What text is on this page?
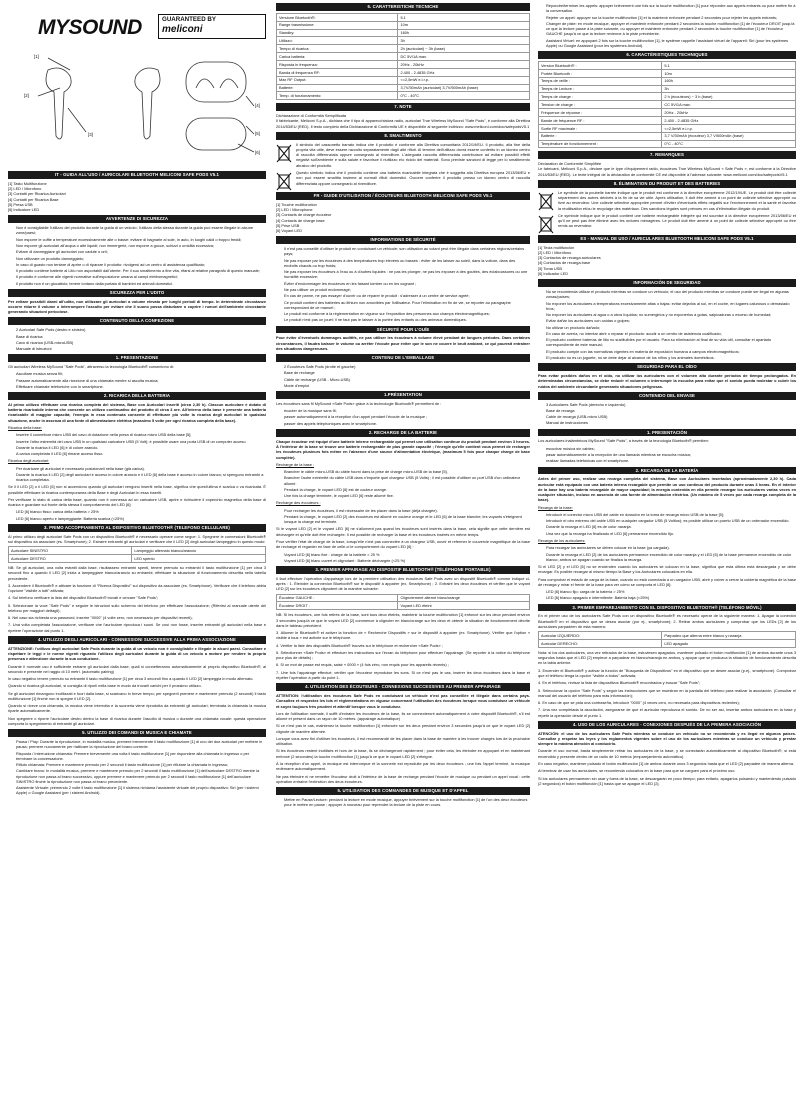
MYSOUND	GUARANTEED BY
meliconi
[1]
[2]
[3]
[4]
[5]
[6]
IT - GUIDA ALL'USO / AURICOLARI BLUETOOTH MELICONI SAFE PODS V5.1
[1] Tasto Multifunzione
[2] LED / Microfono
[3] Contatti per Ricarica Auricolari
[4] Contatti per Ricarica Base
[5] Presa USB
[6] Indicatore LED
AVVERTENZE DI SICUREZZA
• Non è consigliabile l'utilizzo del prodotto durante la guida di un veicolo; l'utilizzo della stessa durante la guida può essere illegale in alcune zone/paesi;
• Non esporre le cuffie a temperature eccessivamente alte o basse: evitare di bagnarle al sole, in auto, in luoghi caldi o troppo freddi;
• Non esporre gli auricolari all'acqua o altri liquidi; non immergerle, non esporre a gocce, schizzi o umidità eccessiva;
• Evitare di danneggiare gli auricolari con cadute o urti;
• Non utilizzare un prodotto danneggiato;
• In caso di guasto non tentare di aprire o di riparare il prodotto: rivolgersi ad un centro di assistenza qualificato;
• Il prodotto contiene batterie al Litio non asportabili dall'utente. Per il suo smaltimento a fine vita, rifarsi al relative paragrafo di questo manuale;
• Il prodotto è conforme alle vigenti normative sull'esposizione umana ai campi elettromagnetici;
• Il prodotto non è un giocattolo; tenere lontano dalla portata di bambini ed animali domestici.
SICUREZZA PER L'UDITO

Per evitare possibili danni all'udito, non utilizzare gli auricolari a volume elevato per lunghi periodi di tempo. In determinate circostanze occorre ridurre il volume o interrompere l'ascolto per evitare che il suono possa disturbare o coprire i rumori dell'ambiente circostante generando situazioni pericolose.

CONTENUTO DELLA CONFEZIONE
• 2 Auricolari Safe Pods (destro e sinistro)
• Base di ricarica
• Cavo di ricarica (USB-microUSB)
• Manuale di istruzioni
1. PRESENTAZIONE

Gli auricolari Wireless MySound "Safe Pods", attraverso la tecnologia Bluetooth® consentono di:

• Ascoltare musica senza fili;
• Passare automaticamente alla ricezione di una chiamata mentre si ascolta musica;
• Effettuare chiamate telefoniche con lo smartphone.
2. RICARICA DELLA BATTERIA

Al primo utilizzo effettuare una ricarica completa del sistema, Base con Auricolari inseriti (circa 2,30 h). Ciascun auricolare è dotato di batteria ricaricabile interna che consente un utilizzo continuativo del prodotto di circa 3 ore. All'interno della base è presente una batteria ricaricabile di maggior capacità; l'energia in essa contenuta consente di effettuare più volte la ricarica degli auricolari in qualsiasi situazione, anche in assenza di una fonte di alimentazione elettrica (massimo 5 volte per ogni ricarica completa della base).

Ricarica della base:

• Inserire il connettore micro USB del cavo di dotazione nella presa di ricarica micro USB della base [5];
• Inserire l'altro estremità del cavo USB in un qualsiasi caricatore USB (5 Volt); è possibile usare una porta USB di un computer acceso.
• Durante la ricarica il LED [6] è di colore arancio.
• A carica completata il LED [6] rimane acceso fisso.

Ricarica degli auricolari:

• Per ricaricare gli auricolari è necessario posizionarli nella base (già carica).
• Durante la ricarica il LED [2] degli auricolari è acceso in colore arancio e il LED [6] della base è acceso in colore bianco; si spengono entrambi a ricarica completata.

Se il il LED [2] o il LED [6] non si accendono quando gli auricolari vengono inseriti nella base, significa che quest'ultima è scarica o va ricaricata. È possibile effettuare la ricarica contemporanea della Base e degli Auricolari in essa inseriti.

Per verificare lo stato di carica della base, quando non è connessa ad un caricatore USB, aprire e richiudere il coperchio magnetico della base di ricarica e guardare sul fronte della stessa il comportamento del LED [6]:

• LED [6] bianco fisso: carica della batteria > 25%
• LED [6] bianco aperto e lampeggiante: Batteria scarica (<25%)
3. PRIMO ACCOPPIAMENTO AL DISPOSITIVO BLUETOOTH® (TELEFONO CELLULARE)

Al primo utilizzo degli auricolari Safe Pods con un dispositivo Bluetooth® è necessario operare come segue: 1. Spegnere le connessioni Bluetooth® sul dispositivo da associare (es. Smartphone); 2. Estrarre entrambi gli auricolari e verificare che il LED [2] degli auricolari lampeggino in questo modo:

Auricolare SINISTRO	Lampeggio alternato bianco/arancio
Auricolare DESTRO	LED spento

NB: Se gli auricolari, una volta estratti dalla base, risultassero entrambi spenti, tenere premuto su entrambi il tasto multifunzione [1] per circa 3 secondi fino a quando il LED [2] inizia a lampeggiare bianco/arancio su entrambi; effettuare la situazione di funzionamento descritta nella tabella precedente.

3. Accendere il Bluetooth® e attivare la funzione di "Ricerca Dispositivi" sul dispositivo da associare (es. Smartphone). Verificare che il telefono abbia l'opzione "visibile a tutti" attivata;

4. Sul telefono verificare la lista dei dispositivi Bluetooth® trovati e cercare "Safe Pods";

5. Selezionare la voce "Safe Pods" e seguire le istruzioni sullo schermo del telefono per effettuare l'associazione; (Riferirsi al manuale utente del telefono per maggiori dettagli);

6. Nel caso sia richiesta una password, inserire "0000" (4 volte zero, non necessario per dispositivi recenti);

7. Una volta completata l'associazione, verificare che l'auricolare riproduca i suoni. Se così non fosse, inserire entrambi gli auricolari nella base e ripetere l'operazione dal punto 1.

4. UTILIZZO DEGLI AURICOLARI - CONNESSIONI SUCCESSIVE ALLA PRIMA ASSOCIAZIONE

ATTENZIONE: l'utilizzo degli auricolari Safe Pods durante la guida di un veicolo non è consigliabile e illegale in alcuni paesi. Consultare e rispettare le leggi e le norme vigenti riguardo l'utilizzo degli auricolari durante la guida di un veicolo a motore per rendere la propria presenza e attenzione durante la sua conduzione.

Durante il normale uso è sufficiente estrarre gli auricolari dalla base, quali si connetteranno automaticamente al proprio dispositivo Bluetooth®, al secondo e presente nel raggio di 10 metri. (automatic pairing)

In caso negativo tenere premuto su entrambi il tasto multifunzione [1] per circa 3 secondi fino a quando il LED [2] lampeggia in modo alternato.

Quando si ricarica gli auricolari, si consiglia di riporli nella base in modo da trovarli carichi per il prossimo utilizzo.

Se gli auricolari rimangono inutilizzati e fuori dalla base, si scaricano in breve tempo; per spegnerli premere e mantenere premuto (2 secondi) il tasto multifunzione [1] finché non si spegne il LED [2].

Quando si riceve una chiamata, la musica viene interrotta e la suoneria viene riprodotta da entrambi gli auricolari; terminata la chiamata la musica riparte automaticamente.

Non spegnere o riporre l'auricolare destro dentro la base di ricarica durante l'ascolto di musica o durante una chiamata vocale: questa operazione comporta lo spegnimento di entrambi gli auricolari.

5. UTILIZZO DEI COMANDI DI MUSICA E CHIAMATE
• Pausa / Play: Durante la riproduzione, in modalità musica, premere brevemente il tasto multifunzione [1] di uno dei due auricolari per mettere in pausa; premere nuovamente per riattivare la riproduzione del brano corrente.
• Risposta / Interruzione chiamata: Premere brevemente una volta il tasto multifunzione [1] per rispondere alla chiamata in ingresso o per terminare la conversazione.
• Rifiuto chiamata: Premere e mantenere premuto per 2 secondi il tasto multifunzione [1] per rifiutare la chiamata in ingresso;
• Cambiare brano: In modalità musica, premere e mantenere premuto per 2 secondi il tasto multifunzione [1] dell'auricolare DESTRO mentre la riproduzione non passa al brano successivo, oppure premere e mantenere premuto per 2 secondi il tasto multifunzione [1] dell'auricolare SINISTRO finché la riproduzione non passa al brano precedente.
• Assistente Virtuale: premendo 2 volte il tasto multifunzione [1] il sistema richiama l'assistente virtuale del proprio dispositivo: Siri (per i sistemi Apple) o Google Assistant (per i sistemi Android).
6. CARATTERISTICHE TECNICHE
Versione Bluetooth®:	5.1
Range trasmissione:	10m
Standby:	160h
Utilizzo:	3h
Tempo di ricarica:	2h (auricolari) ~ 3h (base)
Carica batteria:	DC 5V/1A max.
Risposta in frequenza:	20Hz - 20kHz
Banda di frequenza RF:	2.400 - 2.4835 GHz
Max RF Output:	<=2,5mW e.i.r.p.
Batterie:	3,7V/30mAh (auricolari) 3,7V/500mAh (base)
Temp. di funzionamento:	0°C - 40°C
7. NOTE

Dichiarazione di Conformità Semplificata
Il fabbricante, Meliconi S.p.A., dichiara che il tipo di apparecchiatura radio, auricolari True Wireless MySound "Safe Pods", è conforme alla Direttiva 2014/53/EU (RED). Il testo completo della Dichiarazione di Conformità UE è disponibile al seguente indirizzo: www.meliconi.com/doc/safepodsV5.1

8. SMALTIMENTO

Il simbolo del cassonetto barrato indica che il prodotto è conforme alla Direttiva comunitaria 2012/19/EU. Il prodotto, alla fine della propria vita utile, deve essere raccolto separatamente dagli altri rifiuti. Al termine dell'utilizzo dovrà essere conferito in un idoneo centro di raccolta differenziata oppure consegnato al rivenditore. L'adeguata raccolta differenziata contribuisce ad evitare possibili effetti negativi sull'ambiente e sulla salute e favorisce il riutilizzo e/o riciclo dei materiali. Sono previste sanzioni di legge per lo smaltimento abusivo del prodotto.

Questo simbolo indica che il prodotto contiene una batteria ricaricabile integrata che è soggetta alla Direttiva europea 2013/56/EU e non può essere smaltita insieme ai normali rifiuti domestici. Occorre conferire il prodotto presso un idoneo centro di raccolta differenziata oppure consegnarlo al rivenditore.

FR - GUIDE D'UTILISATION / ÉCOUTEURS BLUETOOTH MELICONI SAFE PODS V5.1
[1] Touche multifonction
[2] LED / Microphone
[3] Contacts de charge écouteur
[4] Contacts de charge base
[5] Prise USB
[6] Voyant LED
INFORMATIONS DE SÉCURITÉ
• Il n'est pas conseillé d'utiliser le produit en conduisant un véhicule; son utilisation au volant peut être illégale dans certaines régions/certains pays;
• Ne pas exposer par les écouteurs à des températures trop élevées ou basses : éviter de les laisser au soleil, dans la voiture, dans des endroits chauds ou trop froids;
• Ne pas exposer les écouteurs à l'eau ou à d'autres liquides : ne pas les plonger, ne pas les exposer à des gouttes, des éclaboussures ou une humidité excessive;
• Éviter d'endommager les écouteurs en les faisant tomber ou en les cognant ;
• Ne pas utiliser un produit endommagé;
• En cas de panne, ne pas essayer d'ouvrir ou de réparer le produit : s'adresser à un centre de service agréé;
• Ce produit contient des batteries au lithium non amovibles par l'utilisateur. Pour l'élimination en fin de vie, se reporter au paragraphe correspondant de ce manuel ;
• Le produit est conforme à la réglementation en vigueur sur l'exposition des personnes aux champs électromagnétiques;
• Le produit n'est pas un jouet; il ne faut pas le laisser à la portée des enfants ou des animaux domestiques.
SÉCURITÉ POUR L'OUÏE

Pour éviter d'éventuels dommages auditifs, ne pas utiliser les écouteurs à volume élevé pendant de longues périodes. Dans certaines circonstances, il faudra baisser le volume ou arrêter l'écoute pour éviter que le son ne couvre le bruit ambiant, ce qui pourrait entraîner des situations dangereuses.

CONTENU DE L'EMBALLAGE
• 2 Écouteurs Safe Pods (droite et gauche)
• Base de recharge
• Câble de recharge (USB - Micro-USB)
• Mode d'emploi
1.PRÉSENTATION

Les écouteurs sans fil MySound «Safe Pods» grâce à la technologie Bluetooth® permettent de :

• écouter de la musique sans fil;
• passer automatiquement à la réception d'un appel pendant l'écoute de la musique ;
• passer des appels téléphoniques avec le smartphone.
2. RECHARGE DE LA BATTERIE

Chaque écouteur est équipé d'une batterie interne rechargeable qui permet une utilisation continue du produit pendant environ 3 heures. À l'intérieur de la base se trouve une batterie rechargeable de plus grande capacité ; l'énergie qu'elle contient vous permet de recharger les écouteurs plusieurs fois même en l'absence d'une source d'alimentation électrique, (maximum 5 fois pour chaque charge de base complète).

Recharge de la base :

• Brancher le câble micro-USB du câble fourni dans la prise de charge micro-USB de la base [5].
• Brancher l'autre extrémité du câble USB dans n'importe quel chargeur USB (5 Volts) ; il est possible d'utiliser un port USB d'un ordinateur allumé.
• Pendant la charge, le voyant LED [6] est de couleur orange.
• Une fois la charge terminée, le voyant LED [6] reste allumé fixe.

Recharge des écouteurs :

• Pour recharger les écouteurs, il est nécessaire de les placer dans la base (déjà chargée).
• Pendant la charge, le voyant LED [2] des écouteurs est allumé en couleur orange et le LED [6] de la base blanche; les voyants s'éteignent lorsque la charge est terminée.

Si le voyant LED [2] et le voyant LED [6] ne s'allument pas quand les écouteurs sont insérés dans la base, cela signifie que cette dernière est déchargée et qu'elle doit être rechargée. Il est possible de recharger la base et les écouteurs insérés en même temps.

Pour vérifier l'état de charge de la base, lorsqu'elle n'est pas connectée à un chargeur USB, ouvrir et refermer le couvercle magnétique de la base de recharge et regarder en face de celle-ci le comportement du voyant LED [6] :

• Voyant LED [6] blanc fixe : charge de la batterie > 25 %
• Voyant LED [6] blanc ouvert et clignotant : Batterie déchargée (<25 %)
3. PREMIER APPAIRAGE AU DISPOSITIF BLUETOOTH® (TÉLÉPHONE PORTABLE)

Il faut effectuer l'opération d'appairage lors de la première utilisation des écouteurs Safe Pods avec un dispositif Bluetooth® comme indiqué ci-après : 1. Éteindre la connexion Bluetooth® sur le dispositif à appairer (ex. Smartphone) ; 2. Extraire les deux écouteurs et vérifier que le voyant LED [2] sur les écouteurs clignotent de la manière suivante:

Écouteur GAUCHE :	Clignotement alterné blanc/orange
Écouteur DROIT :	Voyant LED éteint

NB: Si les écouteurs, une fois retirés de la base, sont tous deux éteints, maintenir la touche multifonction [1] enfoncé sur les deux pendant environ 3 secondes jusqu'à ce que le voyant LED [2] commence à clignoter en blanc/orange sur les deux et obtenir la situation de fonctionnement décrite dans le tableau précédent.

3. Allumer le Bluetooth® et activer la fonction de « Recherche Dispositifs » sur le dispositif à appairer (ex. Smartphone). Vérifier que l'option « visible à tous » est activée sur le téléphone.

4. Vérifier la liste des dispositifs Bluetooth® trouvés sur le téléphone et rechercher «Safe Pods» ;

5. Sélectionner «Safe Pods» et effectuer les instructions sur l'écran du téléphone pour effectuer l'appairage. (Se reporter à la notice du téléphone pour plus de détails) ;

6. Si un mot de passe est requis, saisir « 0000 » (4 fois zéro, non requis pour les appareils récents) ;

7. Une fois l'appairage effectué, vérifier que l'écouteur reproduise les sons. Si ce n'est pas le cas, insérer les deux écouteurs dans la base et répéter l'opération à partir du point 1.

4. UTILISATION DES ÉCOUTEURS - CONNEXIONS SUCCESSIVES AU PREMIER APPAIRAGE

ATTENTION: l'utilisation des écouteurs Safe Pods en conduisant un véhicule n'est pas conseillée et illégale dans certains pays. Consultez et respectez les lois et réglementations en vigueur concernant l'utilisation des écouteurs lorsque vous conduisez un véhicule et soyez toujours très prudent et attentif lorsque vous le conduisez.

Lors de l'utilisation normale, il suffit d'extraire les écouteurs de la base, ils se connecteront automatiquement à votre dispositif Bluetooth®, s'il est allumé et présent dans un rayon de 10 mètres. (appairage automatique)

Si ce n'est pas le cas, maintenez la touche multifonction [1] enfoncée sur les deux pendant environ 3 secondes jusqu'à ce que le voyant LED [2] clignote de manière alternée.

Lorsque vous avez fini d'utiliser les écouteurs, il est recommandé de les placer dans la base de manière à les trouver chargés lors de la prochaine utilisation.

Si les écouteurs restent inutilisés et hors de la base, ils se déchargeront rapidement ; pour éviter cela, les éteindre en appuyant et en maintenant enfoncé (2 secondes) la touche multifonction [1] jusqu'à ce que le voyant LED [2] s'éteigne.

À la réception d'un appel, la musique est interrompue et la sonnerie est reproduite par les deux écouteurs ; une fois l'appel terminé, la musique redémarre automatiquement.

Ne pas éteindre ni ne remettre l'écouteur droit à l'intérieur de la base de recharge pendant l'écoute de musique ou pendant un appel vocal : cette opération entraîne l'extinction des deux écouteurs.

5. UTILISATION DES COMMANDES DE MUSIQUE ET D'APPEL
• Mettre en Pause/Lecture: pendant la lecture en mode musique, appuyer brièvement sur la touche multifonction [1] de l'un des deux écouteurs pour le mettre en pause ; appuyer à nouveau pour reprendre la lecture de la piste en cours.
• Répondre/terminer les appels: appuyer brièvement une fois sur la touche multifonction [1] pour répondre aux appels entrants ou pour mettre fin à la conversation.
• Rejeter un appel: appuyer sur la touche multifonction [1] et la maintenir enfoncée pendant 2 secondes pour rejeter les appels entrants;
• Changer de piste: en mode musique, appuyer et maintenir enfoncée pendant 2 secondes la touche multifonction [1] de l'écouteur DROIT jusqu'à ce que la lecture passe à la piste suivante, ou appuyer et maintenir enfoncée pendant 2 secondes la touche multifonction [1] de l'écouteur GAUCHE jusqu'à ce que la lecture revienne à la piste précédente.
• Assistant Virtuel: en appuyant 2 fois sur la touche multifonction [1], le système rappelle l'assistant virtuel de l'appareil: Siri (pour les systèmes Apple) ou Google Assistant (pour les systèmes Android).
6. CARACTÉRISTIQUES TECHNIQUES
Version Bluetooth® :	5.1
Portée Bluetooth :	10m
Temps de veille :	160h
Temps de Lecture :	3h
Temps de charge :	2 h (écouteurs) ~ 3 h (base)
Tension de charge :	CC 5V/1A max.
Fréquence de réponse :	20Hz - 20kHz
Bande de fréquence RF :	2.400 - 2.4835 GHz
Sortie RF maximale :	<=2,5mW e.i.r.p.
Batterie :	3,7 V/30mAh (écouteur) 3,7 V/500mAh (base)
Température de fonctionnement :	0°C - 40°C
7. REMARQUES

Déclaration de Conformité Simplifiée
Le fabricant, Meliconi S.p.A., déclare que le type d'équipement radio, écouteurs True Wireless MySound « Safe Pods », est conforme à la Directive 2014/53/EU (RED). Le texte intégral de la déclaration de conformité CE est disponible à l'adresse suivante: www.meliconi.com/doc/safepodsV5.1

8. ÉLIMINATION DU PRODUIT ET DES BATTERIES

Le symbole de la poubelle barrée indique que le produit est conforme à la directive européenne 2012/19/UE. Le produit doit être collecté séparément des autres déchets à la fin de sa vie utile. Après utilisation, il doit être amené à un point de collecte sélective approprié ou livré au revendeur. Une collecte sélective appropriée permet d'éviter d'éventuels effets négatifs sur l'environnement et la santé et favorise la réutilisation et/ou le recyclage des matériaux. Des sanctions légales sont prévues en cas d'élimination illégale du produit.

Ce symbole indique que le produit contient une batterie rechargeable intégrée qui est soumise à la directive européenne 2013/56/EU et qu'il ne peut pas être éliminé avec les ordures ménagères. Le produit doit être amené à un point de collecte sélective approprié ou être remis au revendeur.

ES - MANUAL DE USO / AURICULARES BLUETOOTH MELICONI SAFE PODS V5.1
[1] Tecla multifunción
[2] LED / Micrófono
[3] Contactos de recarga auriculares
[4] Contactos de recarga base
[5] Toma USB
[6] Indicador LED
INFORMACIÓN DE SEGURIDAD
• No se recomienda utilizar el producto mientras se conduce un vehículo; el uso del producto mientras se conduce puede ser ilegal en algunas zonas/países;
• No exponer los auriculares a temperaturas excesivamente altas o bajas: evitar dejarlos al sol, en el coche, en lugares calurosos o demasiado fríos;
• No exponer los auriculares al agua o a otros líquidos; no sumergirlos y no exponerlos a gotas, salpicaduras o exceso de humedad;
• Evitar dañar los auriculares con caídas o golpes;
• No utilizar un producto dañado;
• En caso de avería, no intentar abrir o reparar el producto: acudir a un centro de asistencia cualificado;
• El producto contiene baterías de litio no sustituibles por el usuario. Para su eliminación al final de su vida útil, consultar el apartado correspondiente de este manual;
• El producto cumple con las normativas vigentes en materia de exposición humana a campos electromagnéticos;
• El producto no es un juguete, no se debe dejar al alcance de los niños y los animales domésticos.
SEGURIDAD PARA EL OÍDO

Para evitar posibles daños en el oído, no utilizar los auriculares con el volumen alto durante periodos de tiempo prolongados. En determinadas circunstancias, se debe reducir el volumen o interrumpir la escucha para evitar que el sonido pueda molestar o cubrir los ruidos del ambiente circundante generando situaciones peligrosas.

CONTENIDO DEL ENVASE
• 3 Auriculares Safe Pods (derecho e izquierdo)
• Base de recarga
• Cable de recarga (USB-micro USB)
• Manual de instrucciones
1. PRESENTACIÓN

Los auriculares inalámbricos MySound "Safe Pods", a través de la tecnología Bluetooth® permiten:

• escuchar música sin cables;
• pasar automáticamente a la recepción de una llamada mientras se escucha música;
• realizar llamadas telefónicas con el smartphone.
2. RECARGA DE LA BATERÍA

Antes del primer uso, realizar una recarga completa del sistema, Base con Auriculares insertados (aproximadamente 2,30 h). Cada auricular está equipado con una batería interna recargable que permite un uso continuo del producto durante unas 3 horas. En el interior de la base hay una batería recargable de mayor capacidad; la energía contenida en ella permite recargar los auriculares varias veces en cualquier situación, incluso en ausencia de una fuente de alimentación eléctrica. (Un máximo de 5 veces por cada recarga completa de la base).

Recarga de la base:

• Introducir el conector micro USB del cable en dotación en la toma de recarga micro USB de la base [5];
• Introducir el otro extremo del cable USB en cualquier cargador USB (5 Voltios); es posible utilizar un puerto USB de un ordenador encendido.
• Durante la recarga el LED [6] es de color naranja.
• Una vez que la recarga ha finalizado el LED [6] permanece encendido fijo.

Recarga de los auriculares:

• Para recargar los auriculares se deben colocar en la base (ya cargada).
• Durante la recarga el LED [2] de los auriculares permanece encendido de color naranja y el LED [6] de la base permanece encendido de color blanco; ambos se apagan cuando se finaliza la recarga.

Si el LED [2] y el LED [6] no se encienden cuando los auriculares se colocan en la base, significa que esta última está descargada y se debe recargar. Es posible recargar al mismo tiempo la Base y los Auriculares colocados en ella.

Para comprobar el estado de carga de la base, cuando no está conectada a un cargador USB, abrir y volver a cerrar la cubierta magnética de la base de recarga y mirar el frente de la base para ver cómo se comporta el LED [6]:

• LED [6] blanco fijo: carga de la batería > 25%
• LED [6] blanco apagado e intermitente: Batería baja (<25%)
3. PRIMER EMPAREJAMIENTO CON EL DISPOSITIVO BLUETOOTH® (TELÉFONO MÓVIL)

En el primer uso de los auriculares Safe Pods con un dispositivo Bluetooth® es necesario operar de la siguiente manera: 1. Apagar la conexión Bluetooth® en el dispositivo que se desea asociar (por ej., smartphone); 2. Retirar ambos auriculares y comprobar que los LEDs [2] de los auriculares parpadeen de esta manera:

Auricular IZQUIERDO:	Parpadeo que alterna entre blanco y naranja
Auricular DERECHO:	LED apagado

Nota: si los dos auriculares, una vez retirados de la base, estuviesen apagados, mantener pulsado el botón multifunción [1] de ambos durante unos 3 segundos hasta que el LED [2] empiece a parpadear en blanco/naranja en ambos, y apoyar que se produzca la situación de funcionamiento descrita en la tabla anterior.

3. Encender el Bluetooth® y activar la función de "Búsqueda de Dispositivos" en el dispositivo que se desee asociar (p.ej., smartphone). Comprobar que el teléfono tenga la opción "visible a todos" activada;

4. En el teléfono, revisar la lista de dispositivos Bluetooth® encontrados y buscar "Safe Pods";

5. Seleccionar la opción "Safe Pods" y seguir las instrucciones que se muestran en la pantalla del teléfono para realizar la asociación. (Consultar el manual del usuario del teléfono para más información);

6. En caso de que se pida una contraseña, introducir "0000" (4 veces cero, no necesaria para dispositivos recientes);

7. Una vez completada la asociación, asegurarse de que el auricular reproduzca el sonido. De no ser así, insertar ambos auriculares en la base y repetir la operación desde el punto 1.

4. USO DE LOS AURICULARES - CONEXIONES DESPUÉS DE LA PRIMERA ASOCIACIÓN

ATENCIÓN: el uso de los auriculares Safe Pods mientras se conduce un vehículo no se recomienda y es ilegal en algunos países. Consultar y respetar las leyes y los reglamentos vigentes sobre el uso de los auriculares mientras se conduce un vehículo y prestar siempre la máxima atención al conducirlo.

Durante el uso normal, basta simplemente retirar los auriculares de la base, y se conectarán automáticamente al dispositivo Bluetooth®, si está encendido y presente dentro de un radio de 10 metros (emparejamiento automático).

En caso negativo, mantener pulsado el botón multifunción [1] de ambos durante unos 3 segundos hasta que el LED [2] parpadee de manera alterna.

Al terminar de usar los auriculares, se recomienda colocarlos en la base para que se carguen para el próximo uso.

Si los auriculares permanecen sin usar y fuera de la base, se descargarán en poco tiempo; para evitarlo, apagarlos pulsando y manteniendo pulsado (2 segundos) el botón multifunción [1] hasta que se apague el LED [2].
